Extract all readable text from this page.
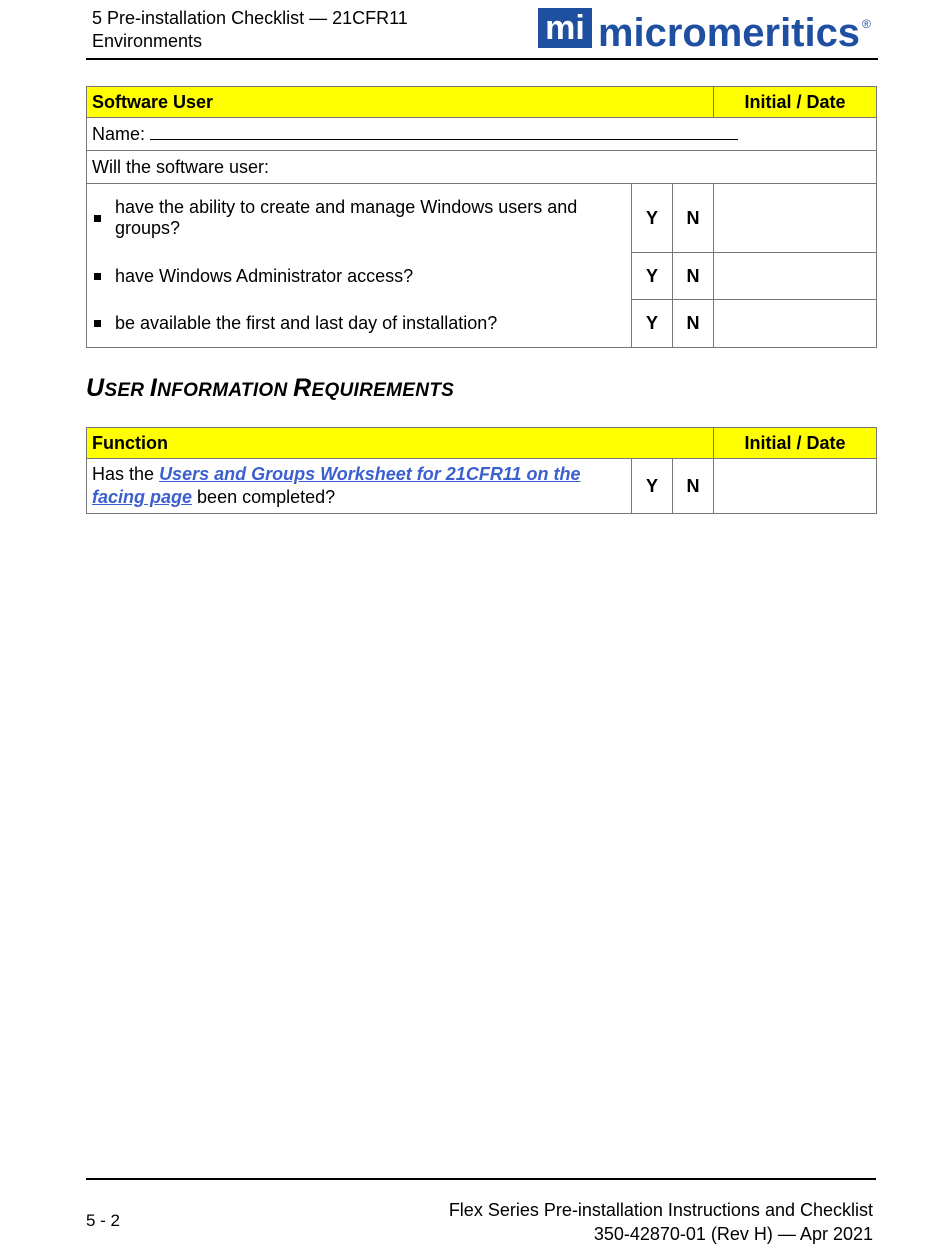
5 Pre-installation Checklist — 21CFR11
Environments	mi micromeritics ®
Software User			Initial / Date
Name:			
Will the software user:			

have the ability to create and manage Windows users and groups?	Y	N	

have Windows Administrator access?	Y	N	

be available the first and last day of installation?	Y	N	
USER INFORMATION REQUIREMENTS
Function			Initial / Date
Has the Users and Groups Worksheet for 21CFR11 on the facing page been completed?	Y	N	
5 - 2
Flex Series Pre-installation Instructions and Checklist
350-42870-01 (Rev H) — Apr 2021
